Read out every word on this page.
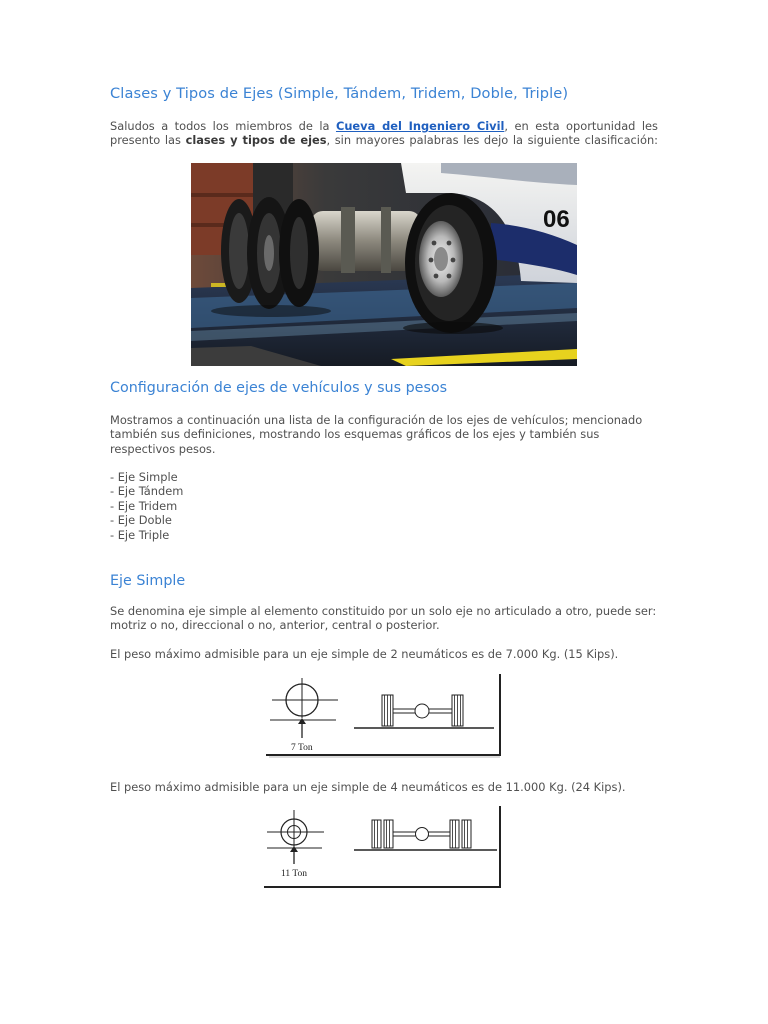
Clases y Tipos de Ejes (Simple, Tándem, Tridem, Doble, Triple)
Saludos a todos los miembros de la Cueva del Ingeniero Civil, en esta oportunidad les presento las clases y tipos de ejes, sin mayores palabras les dejo la siguiente clasificación:
06
Configuración de ejes de vehículos y sus pesos
Mostramos a continuación una lista de la configuración de los ejes de vehículos; mencionado también sus definiciones, mostrando los esquemas gráficos de los ejes y también sus respectivos pesos.
- Eje Simple
- Eje Tándem
- Eje Tridem
- Eje Doble
- Eje Triple
Eje Simple
Se denomina eje simple al elemento constituido por un solo eje no articulado a otro, puede ser: motriz o no, direccional o no, anterior, central o posterior.
El peso máximo admisible para un eje simple de 2 neumáticos es de 7.000 Kg. (15 Kips).
7 Ton
El peso máximo admisible para un eje simple de 4 neumáticos es de 11.000 Kg. (24 Kips).
11 Ton
